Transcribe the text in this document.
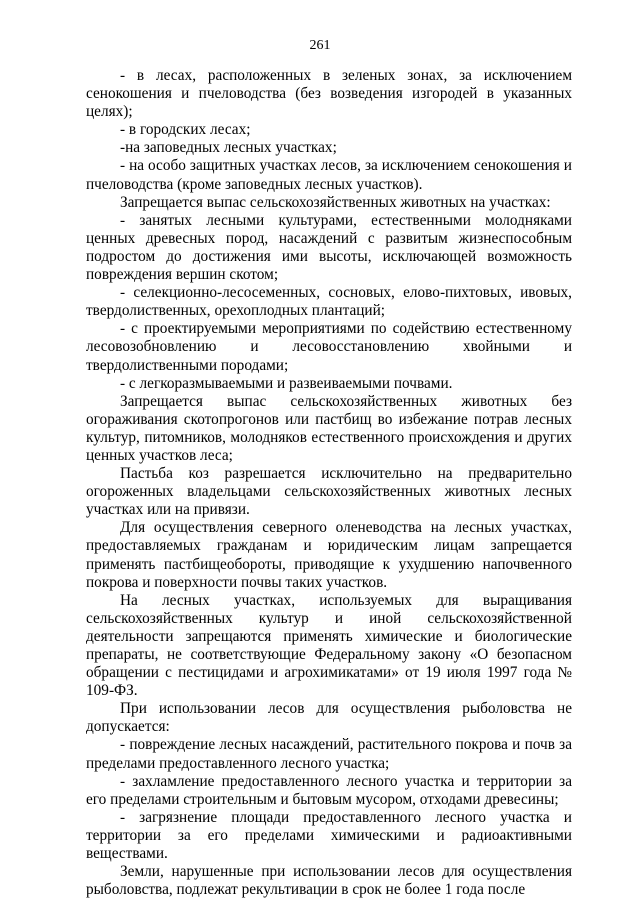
261

- в лесах, расположенных в зеленых зонах, за исключением сенокошения и пчеловодства (без возведения изгородей в указанных целях);

- в городских лесах;

-на заповедных лесных участках;

- на особо защитных участках лесов, за исключением сенокошения и пчеловодства (кроме заповедных лесных участков).

Запрещается выпас сельскохозяйственных животных на участках:

- занятых лесными культурами, естественными молодняками ценных древесных пород, насаждений с развитым жизнеспособным подростом до достижения ими высоты, исключающей возможность повреждения вершин скотом;

- селекционно-лесосеменных, сосновых, елово-пихтовых, ивовых, твердолиственных, орехоплодных плантаций;

- с проектируемыми мероприятиями по содействию естественному лесовозобновлению и лесовосстановлению хвойными и твердолиственными породами;

- с легкоразмываемыми и развеиваемыми почвами.

Запрещается выпас сельскохозяйственных животных без огораживания скотопрогонов или пастбищ во избежание потрав лесных культур, питомников, молодняков естественного происхождения и других ценных участков леса;

Пастьба коз разрешается исключительно на предварительно огороженных владельцами сельскохозяйственных животных лесных участках или на привязи.

Для осуществления северного оленеводства на лесных участках, предоставляемых гражданам и юридическим лицам запрещается применять пастбищеобороты, приводящие к ухудшению напочвенного покрова и поверхности почвы таких участков.

На лесных участках, используемых для выращивания сельскохозяйственных культур и иной сельскохозяйственной деятельности запрещаются применять химические и биологические препараты, не соответствующие Федеральному закону «О безопасном обращении с пестицидами и агрохимикатами» от 19 июля 1997 года № 109-ФЗ.

При использовании лесов для осуществления рыболовства не допускается:

- повреждение лесных насаждений, растительного покрова и почв за пределами предоставленного лесного участка;

- захламление предоставленного лесного участка и территории за его пределами строительным и бытовым мусором, отходами древесины;

- загрязнение площади предоставленного лесного участка и территории за его пределами химическими и радиоактивными веществами.

Земли, нарушенные при использовании лесов для осуществления рыболовства, подлежат рекультивации в срок не более 1 года после
